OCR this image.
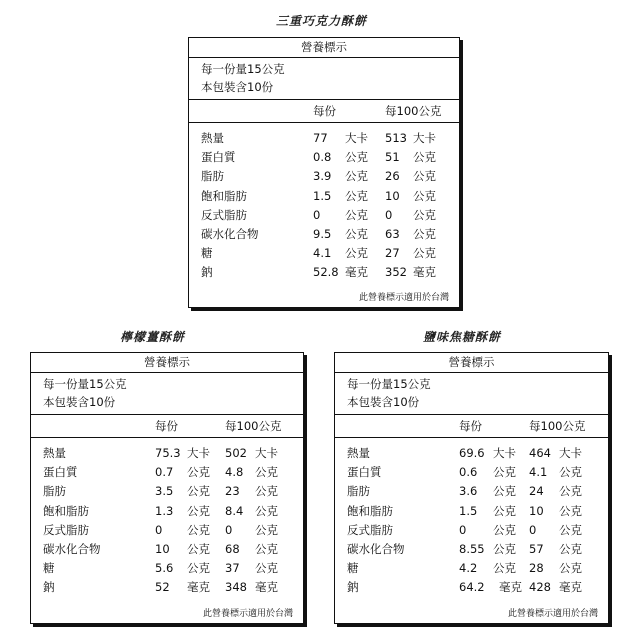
三重巧克力酥餅
營養標示
每一份量15公克
本包裝含10份
每份	每100公克
熱量	77 大卡 513 大卡
蛋白質	0.8 公克 51 公克
脂肪	3.9 公克 26 公克
飽和脂肪	1.5 公克 10 公克
反式脂肪	0 公克 0 公克
碳水化合物	9.5 公克 63 公克
糖	4.1 公克 27 公克
鈉	52.8 毫克 352 毫克
此營養標示適用於台灣
檸檬薑酥餅
營養標示
每一份量15公克
本包裝含10份
每份	每100公克
熱量	75.3 大卡 502 大卡
蛋白質	0.7 公克 4.8 公克
脂肪	3.5 公克 23 公克
飽和脂肪	1.3 公克 8.4 公克
反式脂肪	0 公克 0 公克
碳水化合物	10 公克 68 公克
糖	5.6 公克 37 公克
鈉	52 毫克 348 毫克
此營養標示適用於台灣
鹽味焦糖酥餅
營養標示
每一份量15公克
本包裝含10份
每份	每100公克
熱量	69.6 大卡 464 大卡
蛋白質	0.6 公克 4.1 公克
脂肪	3.6 公克 24 公克
飽和脂肪	1.5 公克 10 公克
反式脂肪	0 公克 0 公克
碳水化合物	8.55 公克 57 公克
糖	4.2 公克 28 公克
鈉	64.2 毫克 428 毫克
此營養標示適用於台灣
